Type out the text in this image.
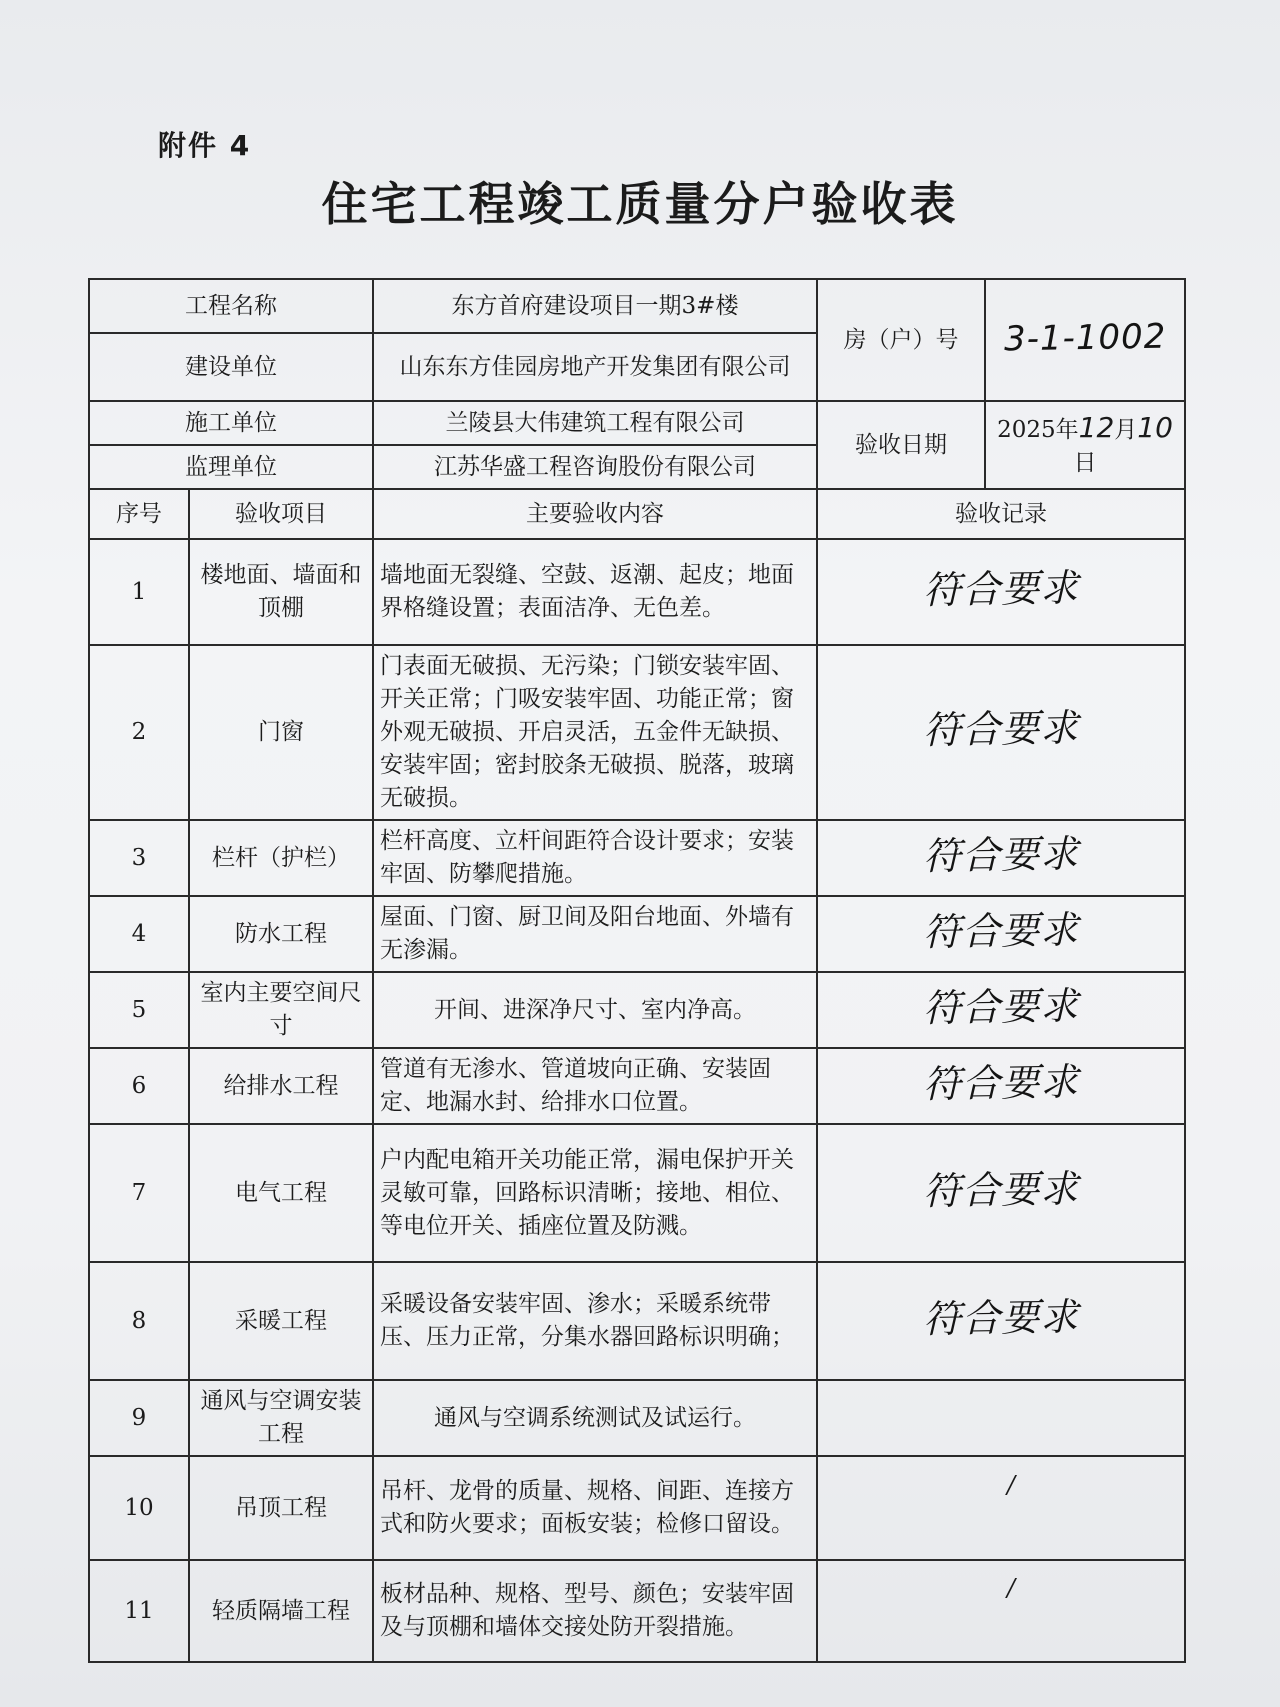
附件 4
住宅工程竣工质量分户验收表
工程名称		东方首府建设项目一期3#楼	房（户）号	3-1-1002
建设单位		山东东方佳园房地产开发集团有限公司		
施工单位		兰陵县大伟建筑工程有限公司	验收日期	2025年12月10日
监理单位		江苏华盛工程咨询股份有限公司		
序号	验收项目	主要验收内容	验收记录	
1	楼地面、墙面和顶棚	墙地面无裂缝、空鼓、返潮、起皮；地面界格缝设置；表面洁净、无色差。	符合要求	
2	门窗	门表面无破损、无污染；门锁安装牢固、开关正常；门吸安装牢固、功能正常；窗外观无破损、开启灵活，五金件无缺损、 安装牢固；密封胶条无破损、脱落，玻璃无破损。	符合要求	
3	栏杆（护栏）	栏杆高度、立杆间距符合设计要求；安装牢固、防攀爬措施。	符合要求	
4	防水工程	屋面、门窗、厨卫间及阳台地面、外墙有无渗漏。	符合要求	
5	室内主要空间尺寸	开间、进深净尺寸、室内净高。	符合要求	
6	给排水工程	管道有无渗水、管道坡向正确、安装固定、地漏水封、给排水口位置。	符合要求	
7	电气工程	户内配电箱开关功能正常，漏电保护开关灵敏可靠，回路标识清晰；接地、相位、等电位开关、插座位置及防溅。	符合要求	
8	采暖工程	采暖设备安装牢固、渗水；采暖系统带压、压力正常，分集水器回路标识明确；	符合要求	
9	通风与空调安装工程	通风与空调系统测试及试运行。		
10	吊顶工程	吊杆、龙骨的质量、规格、间距、连接方式和防火要求；面板安装；检修口留设。	/	
11	轻质隔墙工程	板材品种、规格、型号、颜色；安装牢固及与顶棚和墙体交接处防开裂措施。	/	
